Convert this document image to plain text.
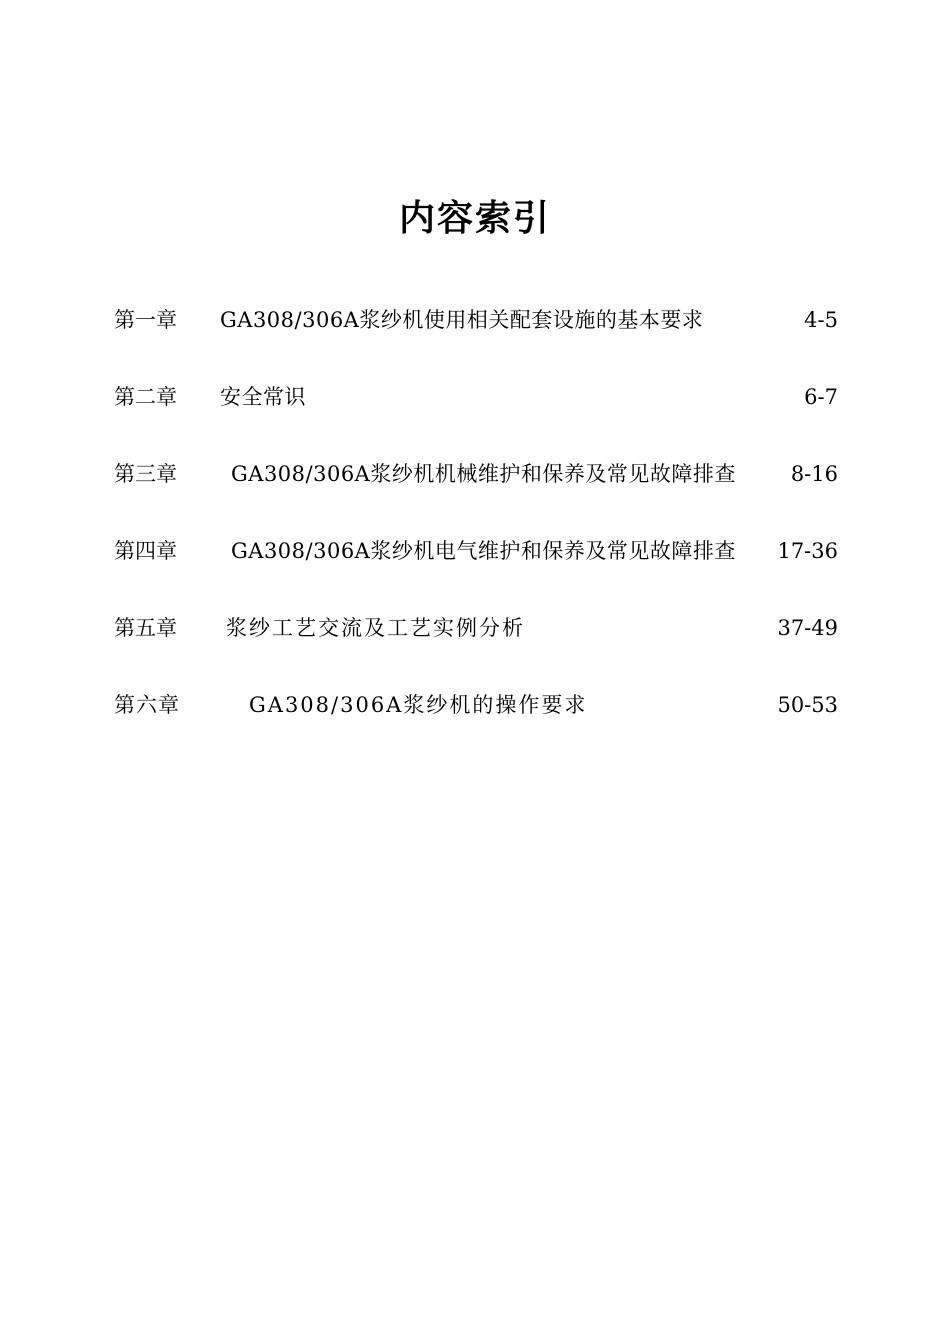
内容索引
第一章 GA308/306A浆纱机使用相关配套设施的基本要求	4-5
第二章 安全常识	6-7
第三章	GA308/306A浆纱机机械维护和保养及常见故障排查	8-16
第四章	GA308/306A浆纱机电气维护和保养及常见故障排查 17-36
第五章 浆纱工艺交流及工艺实例分析	37-49
第六章	GA308/306A浆纱机的操作要求	50-53
